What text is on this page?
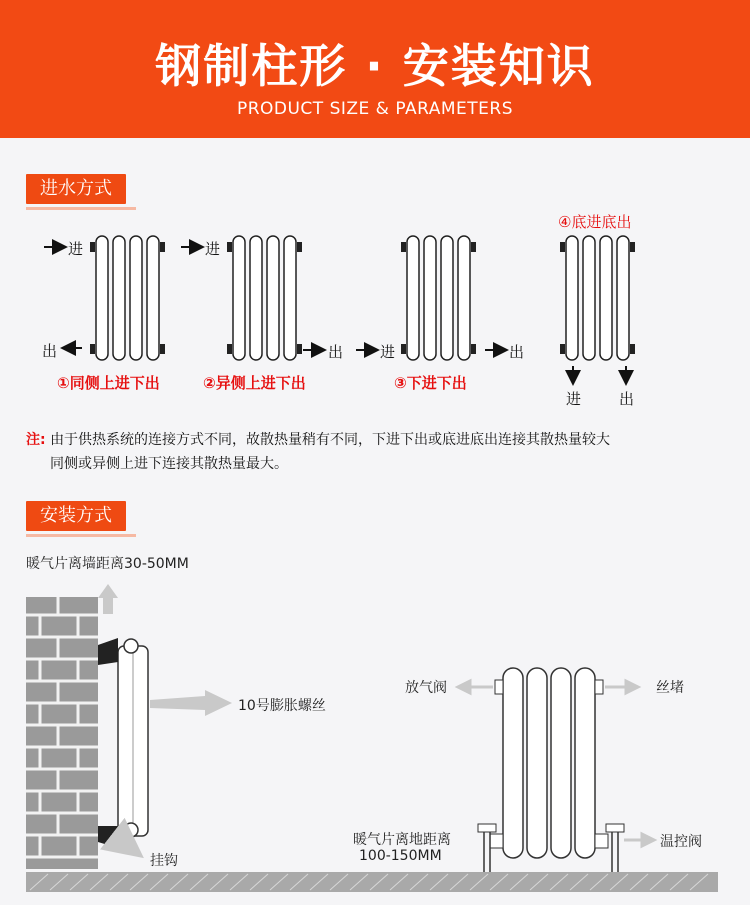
钢制柱形 · 安装知识
PRODUCT SIZE & PARAMETERS
进水方式
进
出
进
出 进	出
进	出
①同侧上进下出	②异侧上进下出	③下进下出
④底进底出
注: 由于供热系统的连接方式不同，故散热量稍有不同，下进下出或底进底出连接其散热量较大
同侧或异侧上进下连接其散热量最大。
安装方式
暖气片离墙距离30-50MM
10号膨胀螺丝
挂钩
放气阀	丝堵
暖气片离地距离
100-150MM
温控阀
